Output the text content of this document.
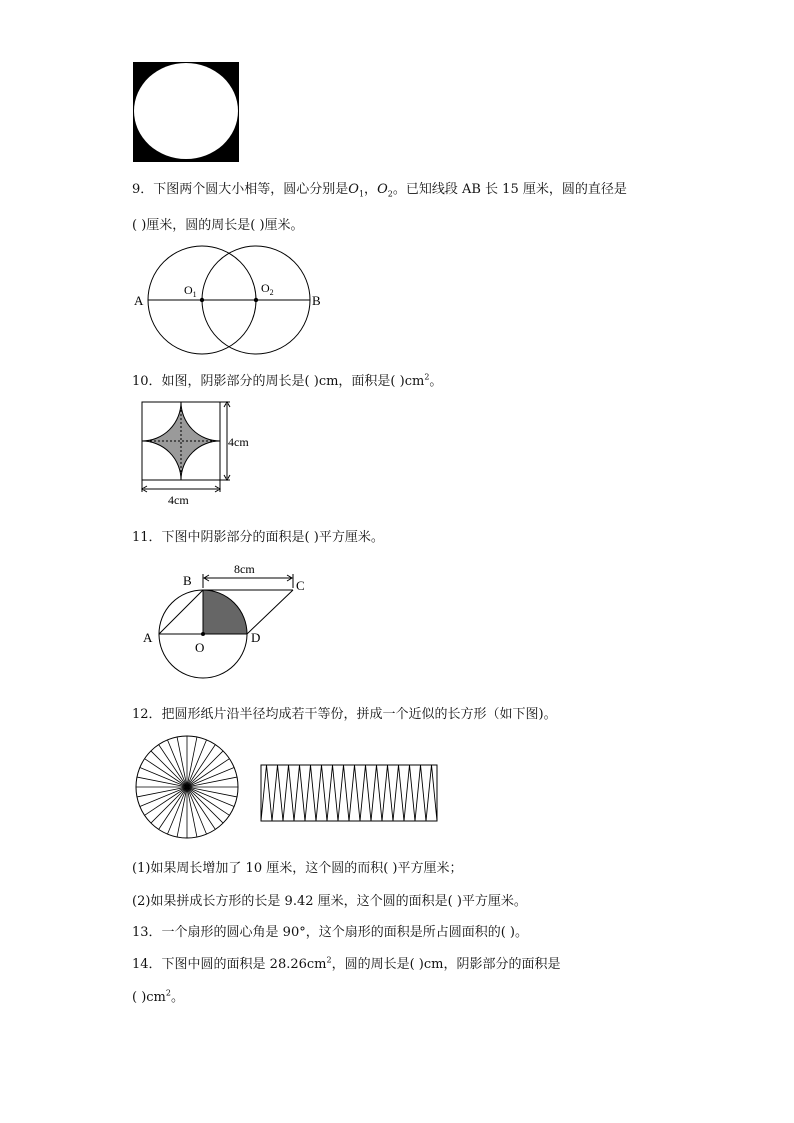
9．下图两个圆大小相等，圆心分别是$O_1$，$O_2$。已知线段 AB 长 15 厘米，圆的直径是
( )厘米，圆的周长是( )厘米。
A	B
$O_1$	$O_2$
10．如图，阴影部分的周长是( )cm，面积是( )$cm^2$。
4cm
4cm
11．下图中阴影部分的面积是( )平方厘米。
8cm
A
B	C
D
O
12．把圆形纸片沿半径均成若干等份，拼成一个近似的长方形（如下图)。
(1)如果周长增加了 10 厘米，这个圆的而积( )平方厘米；
(2)如果拼成长方形的长是 9.42 厘米，这个圆的面积是( )平方厘米。
13．一个扇形的圆心角是 90°，这个扇形的面积是所占圆面积的( )。
14．下图中圆的面积是 $28.26cm^2$，圆的周长是( )cm，阴影部分的面积是
( )$cm^2$。
